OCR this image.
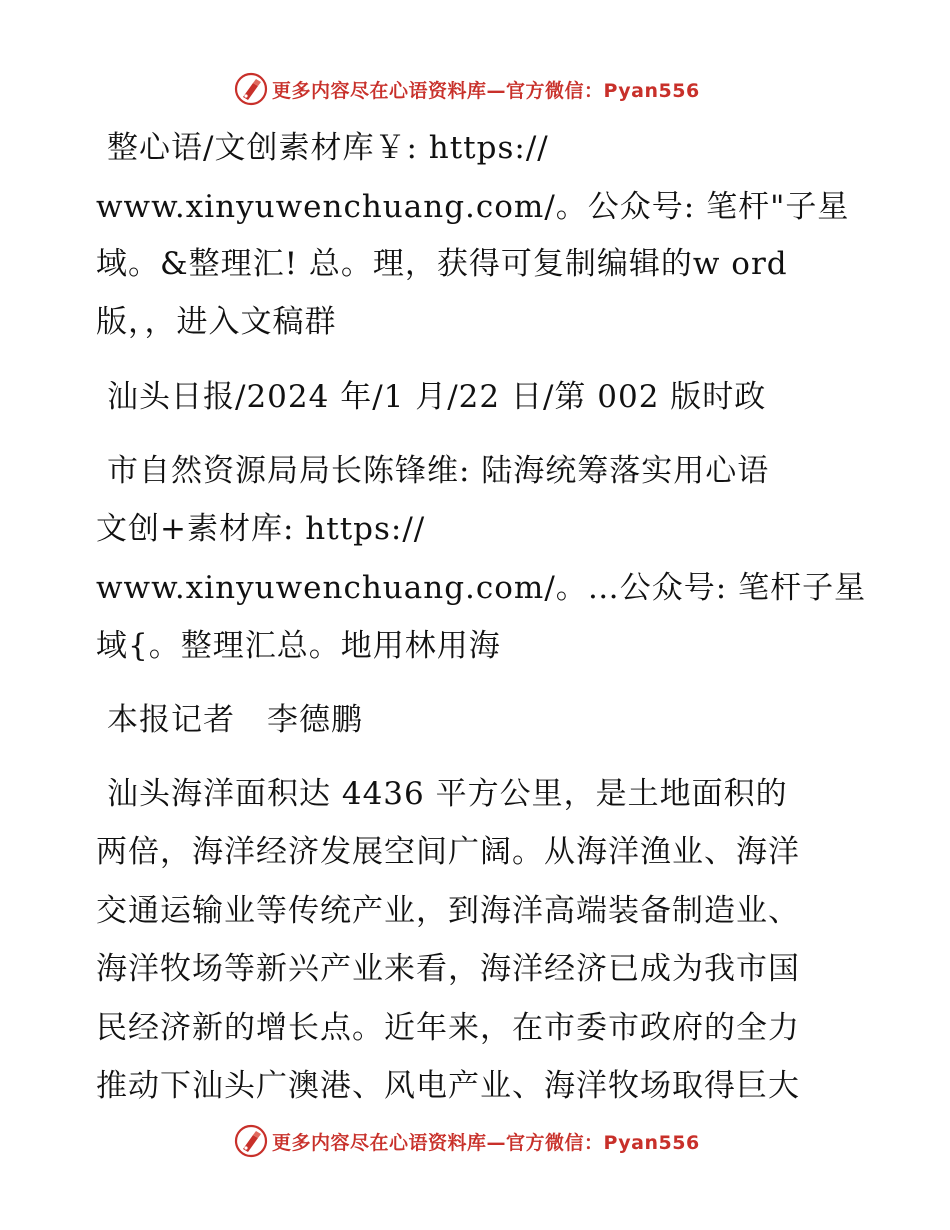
更多内容尽在心语资料库—官方微信：Pyan556
整心语/文创素材库￥: https://
www.xinyuwenchuang.com/。公众号: 笔杆"子星
域。&整理汇! 总。理，获得可复制编辑的w ord
版，，进入文稿群
汕头日报/2024 年/1 月/22 日/第 002 版时政
市自然资源局局长陈锋维: 陆海统筹落实用心语
文创+素材库: https://
www.xinyuwenchuang.com/。…公众号: 笔杆子星
域{。整理汇总。地用林用海
本报记者　李德鹏
汕头海洋面积达 4436 平方公里，是土地面积的
两倍，海洋经济发展空间广阔。从海洋渔业、海洋
交通运输业等传统产业，到海洋高端装备制造业、
海洋牧场等新兴产业来看，海洋经济已成为我市国
民经济新的增长点。近年来，在市委市政府的全力
推动下汕头广澳港、风电产业、海洋牧场取得巨大
更多内容尽在心语资料库—官方微信：Pyan556
